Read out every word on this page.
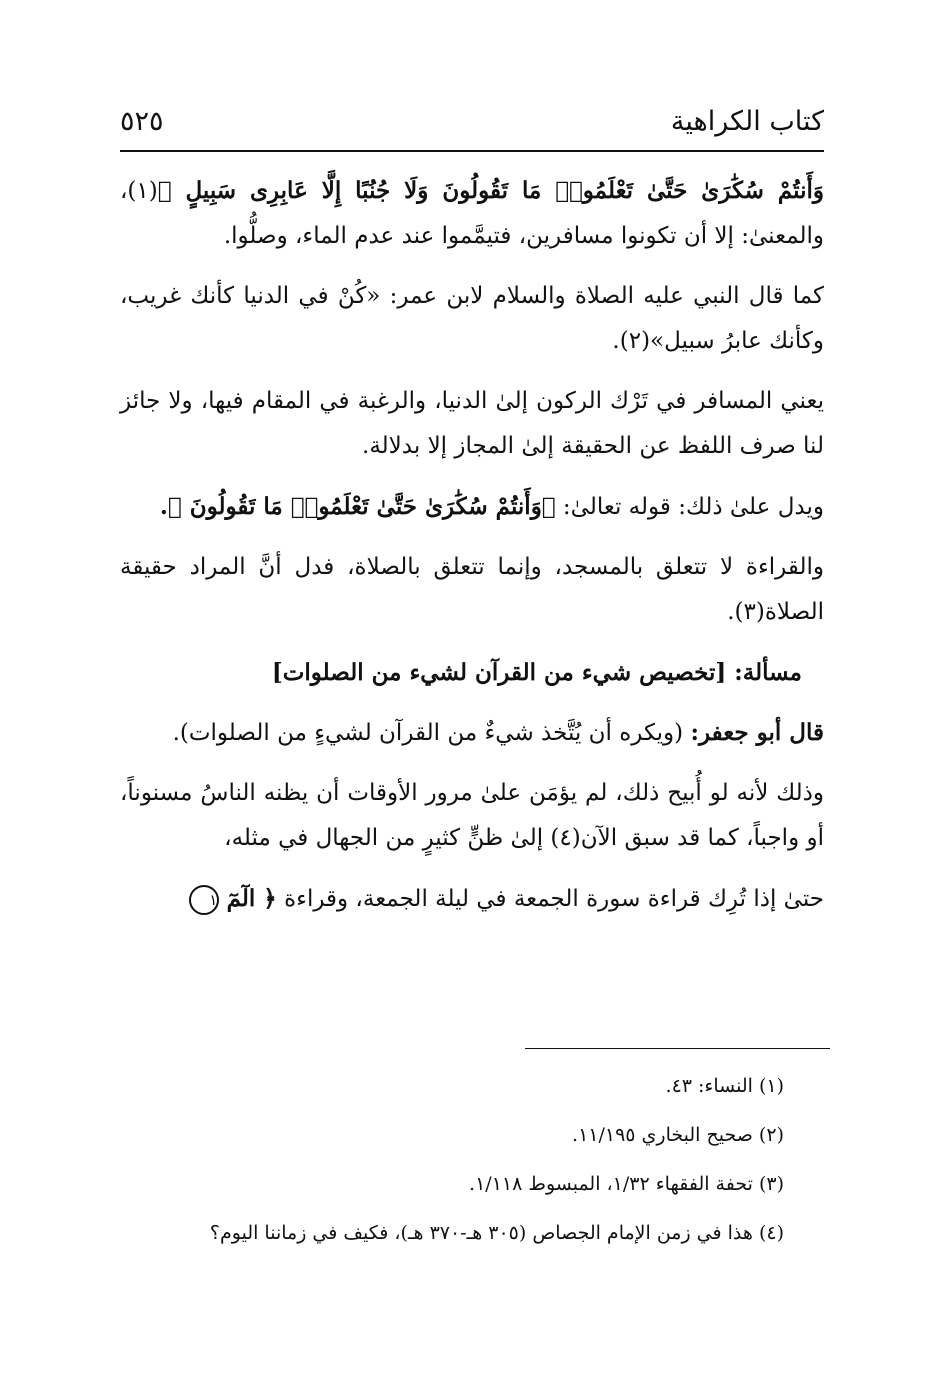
كتاب الكراهية
٥٢٥

وَأَنتُمْ سُكَٰرَىٰ حَتَّىٰ تَعْلَمُوا۟ مَا تَقُولُونَ وَلَا جُنُبًا إِلَّا عَابِرِى سَبِيلٍ ﴾(١)، والمعنىٰ: إلا أن تكونوا مسافرين، فتيمَّموا عند عدم الماء، وصلُّوا.

كما قال النبي عليه الصلاة والسلام لابن عمر: «كُنْ في الدنيا كأنك غريب، وكأنك عابرُ سبيل»(٢).

يعني المسافر في تَرْك الركون إلىٰ الدنيا، والرغبة في المقام فيها، ولا جائز لنا صرف اللفظ عن الحقيقة إلىٰ المجاز إلا بدلالة.

ويدل علىٰ ذلك: قوله تعالىٰ: ﴿وَأَنتُمْ سُكَٰرَىٰ حَتَّىٰ تَعْلَمُوا۟ مَا تَقُولُونَ ﴾.

والقراءة لا تتعلق بالمسجد، وإنما تتعلق بالصلاة، فدل أنَّ المراد حقيقة الصلاة(٣).

مسألة: [تخصيص شيء من القرآن لشيء من الصلوات]

قال أبو جعفر: (ويكره أن يُتَّخذ شيءٌ من القرآن لشيءٍ من الصلوات).

وذلك لأنه لو أُبيح ذلك، لم يؤمَن علىٰ مرور الأوقات أن يظنه الناسُ مسنوناً، أو واجباً، كما قد سبق الآن(٤) إلىٰ ظنٍّ كثيرٍ من الجهال في مثله،

حتىٰ إذا تُرِك قراءة سورة الجمعة في ليلة الجمعة، وقراءة ﴿ الٓمٓ ١

(١) النساء: ٤٣.
(٢) صحيح البخاري ١١/١٩٥.
(٣) تحفة الفقهاء ١/٣٢، المبسوط ١/١١٨.
(٤) هذا في زمن الإمام الجصاص (٣٠٥ هـ-٣٧٠ هـ)، فكيف في زماننا اليوم؟
